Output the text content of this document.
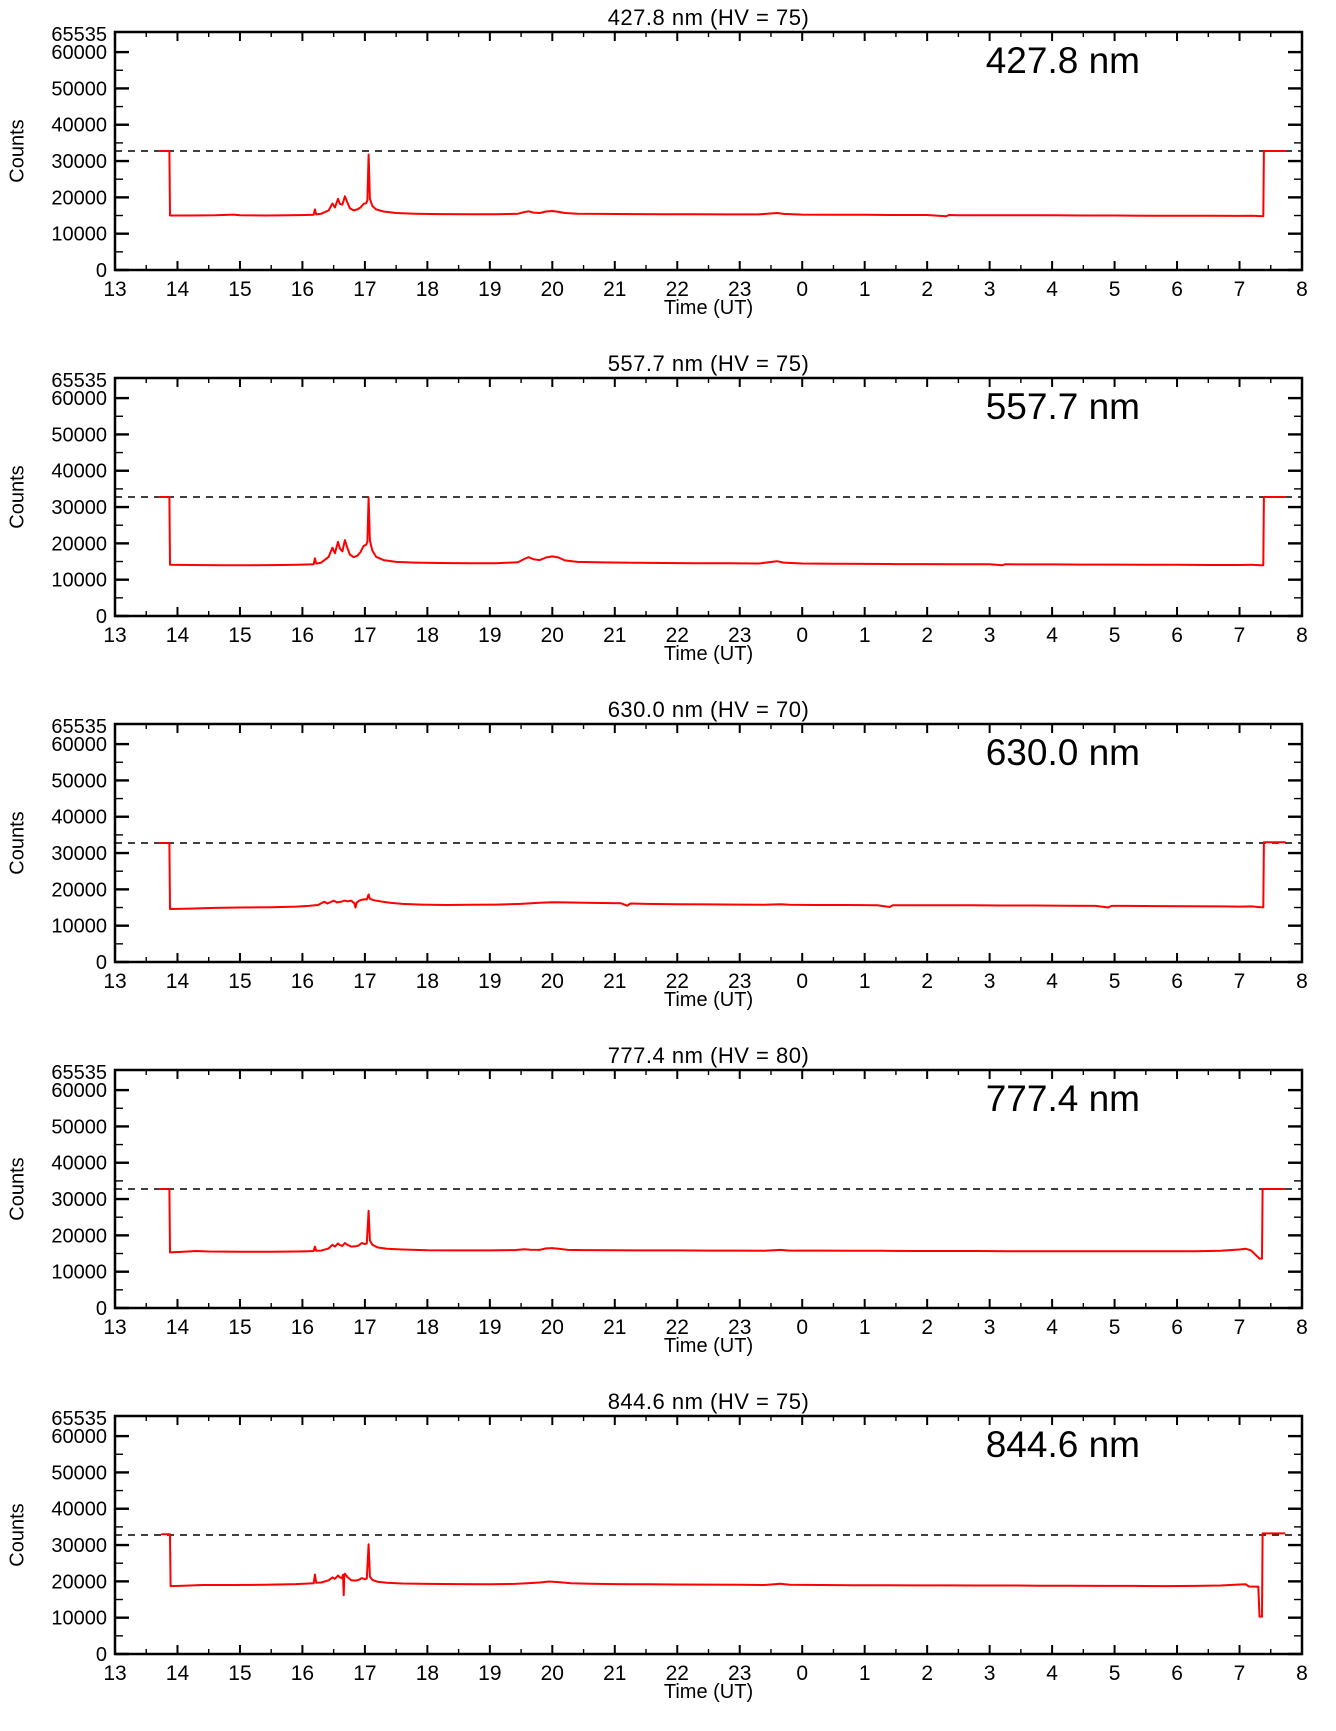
13 14 15 16 17 18 19 20 21 22 23 0 1 2 3 4 5 6 7 8
0
10000
20000
30000
40000
50000
60000
65535
427.8 nm (HV = 75)
427.8 nm
Counts
Time (UT)
13 14 15 16 17 18 19 20 21 22 23 0 1 2 3 4 5 6 7 8
0
10000
20000
30000
40000
50000
60000
65535
557.7 nm (HV = 75)
557.7 nm
Counts
Time (UT)
13 14 15 16 17 18 19 20 21 22 23 0 1 2 3 4 5 6 7 8
0
10000
20000
30000
40000
50000
60000
65535
630.0 nm (HV = 70)
630.0 nm
Counts
Time (UT)
13 14 15 16 17 18 19 20 21 22 23 0 1 2 3 4 5 6 7 8
0
10000
20000
30000
40000
50000
60000
65535
777.4 nm (HV = 80)
777.4 nm
Counts
Time (UT)
13 14 15 16 17 18 19 20 21 22 23 0 1 2 3 4 5 6 7 8
0
10000
20000
30000
40000
50000
60000
65535
844.6 nm (HV = 75)
844.6 nm
Counts
Time (UT)
